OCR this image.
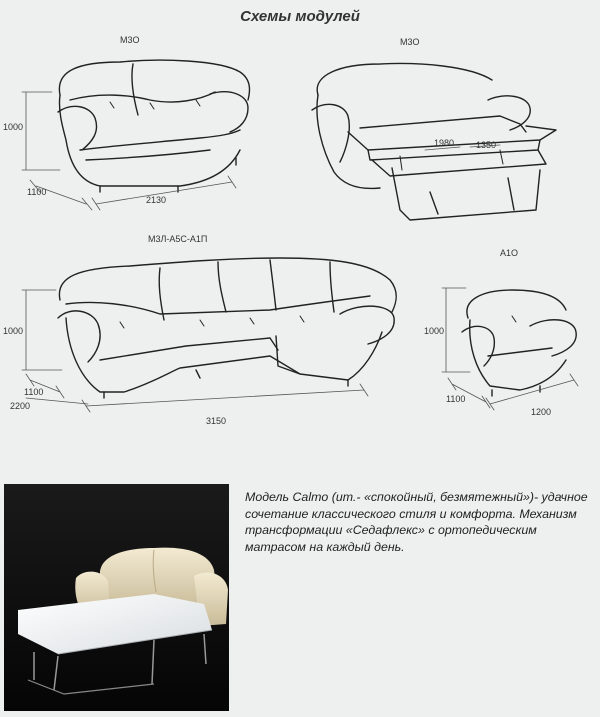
Схемы модулей
М3О
1000
1100
2130
М3О
1980 1350
М3Л-А5С-А1П
1000
1100
2200
3150
А1О
1000
1100
1200
Модель Calmo (ит.- «спокойный, безмятежный»)- удачное сочетание классического стиля и комфорта. Механизм трансформации «Седафлекс» с ортопедическим матрасом на каждый день.
